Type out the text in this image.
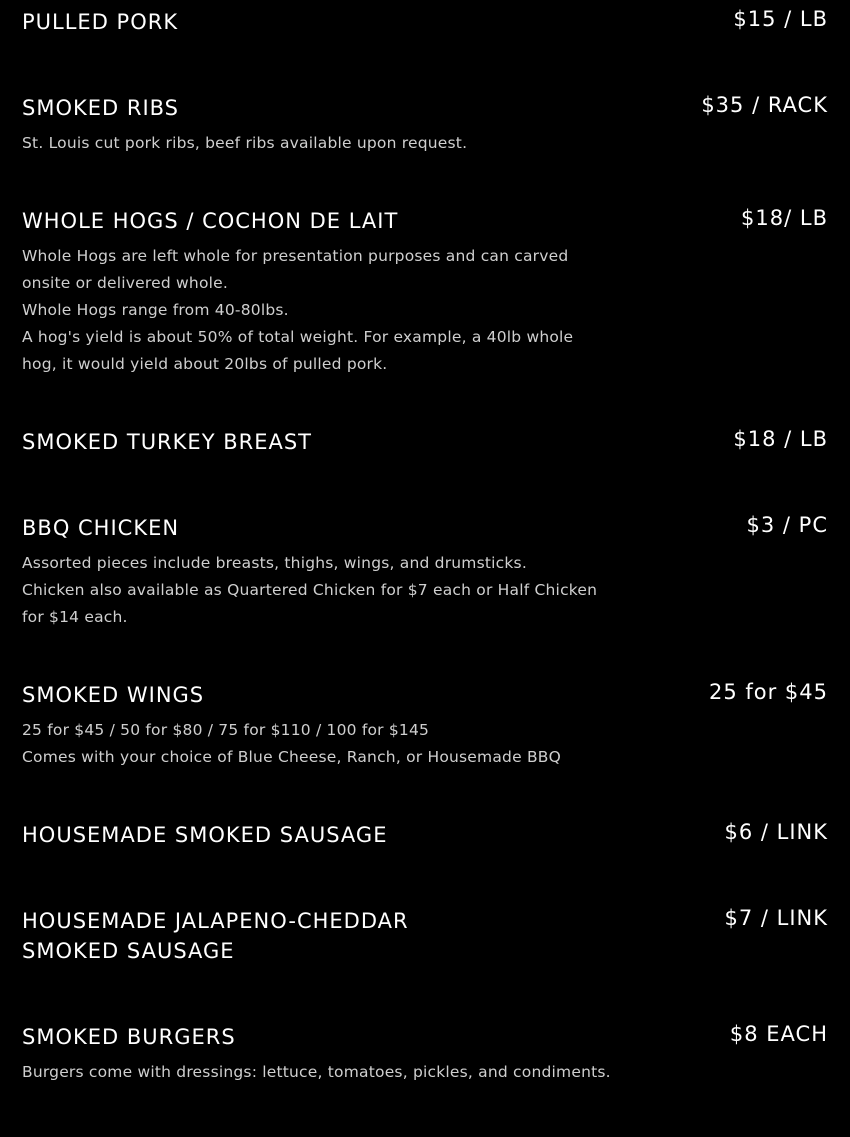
PULLED PORK	$15 / LB
SMOKED RIBS	$35 / RACK
St. Louis cut pork ribs, beef ribs available upon request.
WHOLE HOGS / COCHON DE LAIT	$18/ LB
Whole Hogs are left whole for presentation purposes and can carved onsite or delivered whole.
Whole Hogs range from 40-80lbs.
A hog's yield is about 50% of total weight. For example, a 40lb whole hog, it would yield about 20lbs of pulled pork.
SMOKED TURKEY BREAST	$18 / LB
BBQ CHICKEN	$3 / PC
Assorted pieces include breasts, thighs, wings, and drumsticks.
Chicken also available as Quartered Chicken for $7 each or Half Chicken for $14 each.
SMOKED WINGS	25 for $45
25 for $45 / 50 for $80 / 75 for $110 / 100 for $145
Comes with your choice of Blue Cheese, Ranch, or Housemade BBQ
HOUSEMADE SMOKED SAUSAGE	$6 / LINK
HOUSEMADE JALAPENO-CHEDDAR
SMOKED SAUSAGE
$7 / LINK
SMOKED BURGERS	$8 EACH
Burgers come with dressings: lettuce, tomatoes, pickles, and condiments.
